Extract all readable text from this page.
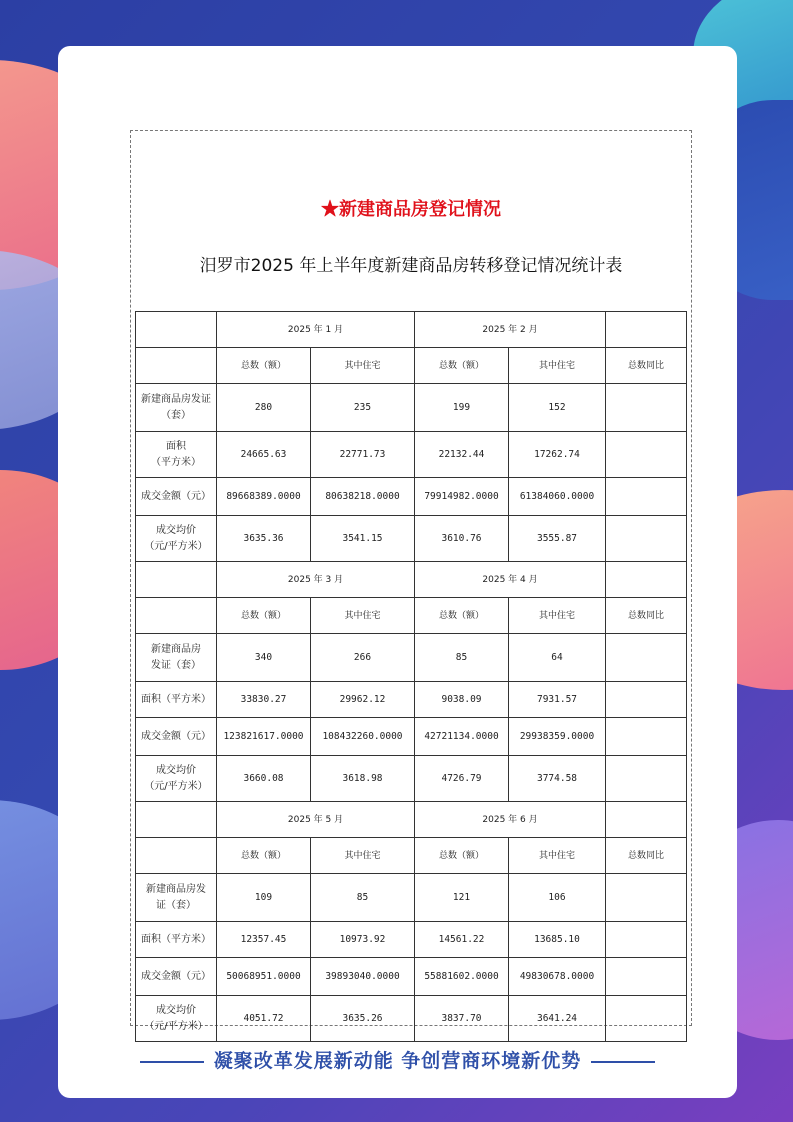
★新建商品房登记情况
汨罗市2025 年上半年度新建商品房转移登记情况统计表
	2025 年 1 月		2025 年 2 月		
	总数（额）	其中住宅	总数（额）	其中住宅	总数同比
新建商品房发证（套）	280	235	199	152	
面积
（平方米）	24665.63	22771.73	22132.44	17262.74	
成交金额（元）	89668389.0000	80638218.0000	79914982.0000	61384060.0000	
成交均价
（元/平方米）	3635.36	3541.15	3610.76	3555.87	
	2025 年 3 月		2025 年 4 月		
	总数（额）	其中住宅	总数（额）	其中住宅	总数同比
新建商品房
发证（套）	340	266	85	64	
面积（平方米）	33830.27	29962.12	9038.09	7931.57	
成交金额（元）	123821617.0000	108432260.0000	42721134.0000	29938359.0000	
成交均价
（元/平方米）	3660.08	3618.98	4726.79	3774.58	
	2025 年 5 月		2025 年 6 月		
	总数（额）	其中住宅	总数（额）	其中住宅	总数同比
新建商品房发
证（套）	109	85	121	106	
面积（平方米）	12357.45	10973.92	14561.22	13685.10	
成交金额（元）	50068951.0000	39893040.0000	55881602.0000	49830678.0000	
成交均价
（元/平方米）	4051.72	3635.26	3837.70	3641.24	
凝聚改革发展新动能 争创营商环境新优势
